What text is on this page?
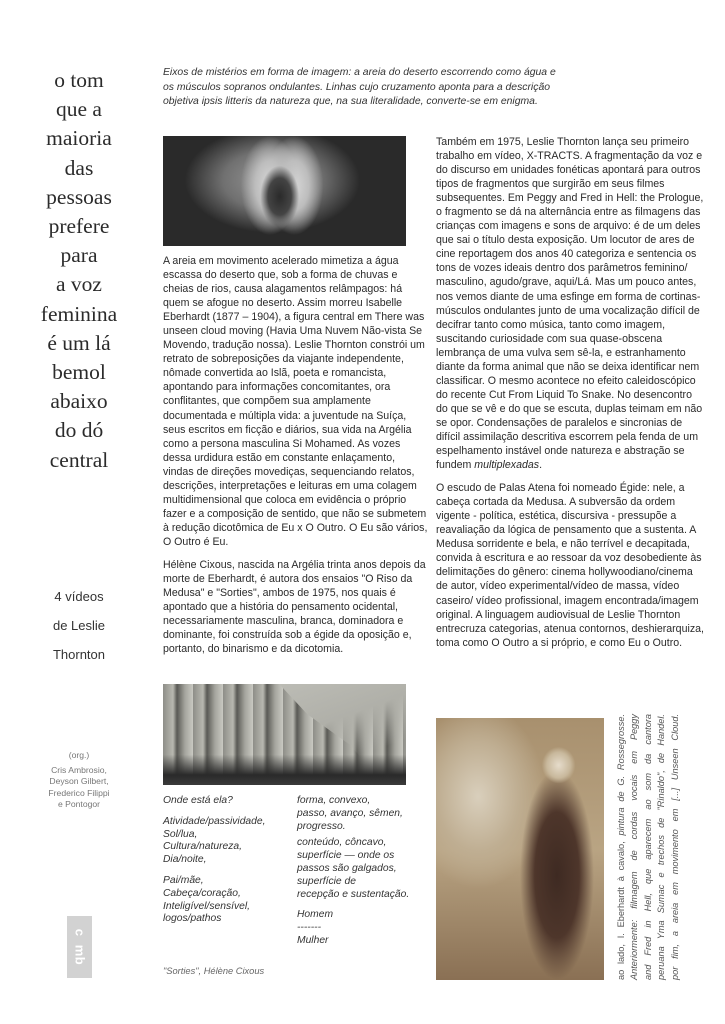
o tom
que a
maioria
das
pessoas
prefere
para
a voz
feminina
é um lá
bemol
abaixo
do dó
central
4 vídeos
de Leslie
Thornton
(org.)
Cris Ambrosio,
Deyson Gilbert,
Frederico Filippi
e Pontogor
c  mb
Eixos de mistérios em forma de imagem: a areia do deserto escorrendo como água e os músculos sopranos ondulantes. Linhas cujo cruzamento aponta para a descrição objetiva ipsis litteris da natureza que, na sua literalidade, converte-se em enigma.

A areia em movimento acelerado mimetiza a água escassa do deserto que, sob a forma de chuvas e cheias de rios, causa alagamentos relâmpagos: há quem se afogue no deserto. Assim morreu Isabelle Eberhardt (1877 – 1904), a figura central em There was unseen cloud moving (Havia Uma Nuvem Não-vista Se Movendo, tradução nossa). Leslie Thornton constrói um retrato de sobreposições da viajante independente, nômade convertida ao Islã, poeta e romancista, apontando para informações concomitantes, ora conflitantes, que compõem sua amplamente documentada e múltipla vida: a juventude na Suíça, seus escritos em ficção e diários, sua vida na Argélia como a persona masculina Si Mohamed. As vozes dessa urdidura estão em constante enlaçamento, vindas de direções movediças, sequenciando relatos, descrições, interpretações e leituras em uma colagem multidimensional que coloca em evidência o próprio fazer e a composição de sentido, que não se submetem à redução dicotômica de Eu x O Outro. O Eu são vários, O Outro é Eu.

Hélène Cixous, nascida na Argélia trinta anos depois da morte de Eberhardt, é autora dos ensaios "O Riso da Medusa" e "Sorties", ambos de 1975, nos quais é apontado que a história do pensamento ocidental, necessariamente masculina, branca, dominadora e dominante, foi construída sob a égide da oposição e, portanto, do binarismo e da dicotomia.

Também em 1975, Leslie Thornton lança seu primeiro trabalho em vídeo, X-TRACTS. A fragmentação da voz e do discurso em unidades fonéticas apontará para outros tipos de fragmentos que surgirão em seus filmes subsequentes. Em Peggy and Fred in Hell: the Prologue, o fragmento se dá na alternância entre as filmagens das crianças com imagens e sons de arquivo: é de um deles que sai o título desta exposição. Um locutor de ares de cine reportagem dos anos 40 categoriza e sentencia os tons de vozes ideais dentro dos parâmetros feminino/ masculino, agudo/grave, aqui/Lá. Mas um pouco antes, nos vemos diante de uma esfinge em forma de cortinas-músculos ondulantes junto de uma vocalização difícil de decifrar tanto como música, tanto como imagem, suscitando curiosidade com sua quase-obscena lembrança de uma vulva sem sê-la, e estranhamento diante da forma animal que não se deixa identificar nem classificar. O mesmo acontece no efeito caleidoscópico do recente Cut From Liquid To Snake. No desencontro do que se vê e do que se escuta, duplas teimam em não se opor. Condensações de paralelos e sincronias de difícil assimilação descritiva escorrem pela fenda de um espelhamento instável onde natureza e abstração se fundem multiplexadas.

O escudo de Palas Atena foi nomeado Égide: nele, a cabeça cortada da Medusa. A subversão da ordem vigente - política, estética, discursiva - pressupõe a reavaliação da lógica de pensamento que a sustenta. A Medusa sorridente e bela, e não terrível e decapitada, convida à escritura e ao ressoar da voz desobediente às delimitações do gênero: cinema hollywoodiano/cinema de autor, vídeo experimental/vídeo de massa, vídeo caseiro/ vídeo profissional, imagem encontrada/imagem original. A linguagem audiovisual de Leslie Thornton entrecruza categorias, atenua contornos, deshierarquiza, toma como O Outro a si próprio, e como Eu o Outro.

Onde está ela?

Atividade/passividade,
Sol/lua,
Cultura/natureza,
Dia/noite,

Pai/mãe,
Cabeça/coração,
Inteligível/sensível,
logos/pathos

forma, convexo,
passo, avanço, sêmen,
progresso.

conteúdo, côncavo,
superfície — onde os
passos são galgados,
superfície de
recepção e sustentação.

Homem
-------
Mulher

"Sorties", Hélène Cixous	ao lado, I. Eberhardt à cavalo, pintura de G. Rossegrosse. Anteriormente: filmagem de cordas vocais em Peggy and Fred in Hell, que aparecem ao som da cantora peruana Yma Sumac e trechos de "Rinaldo", de Handel. por fim, a areia em movimento em [...] Unseen Cloud.
